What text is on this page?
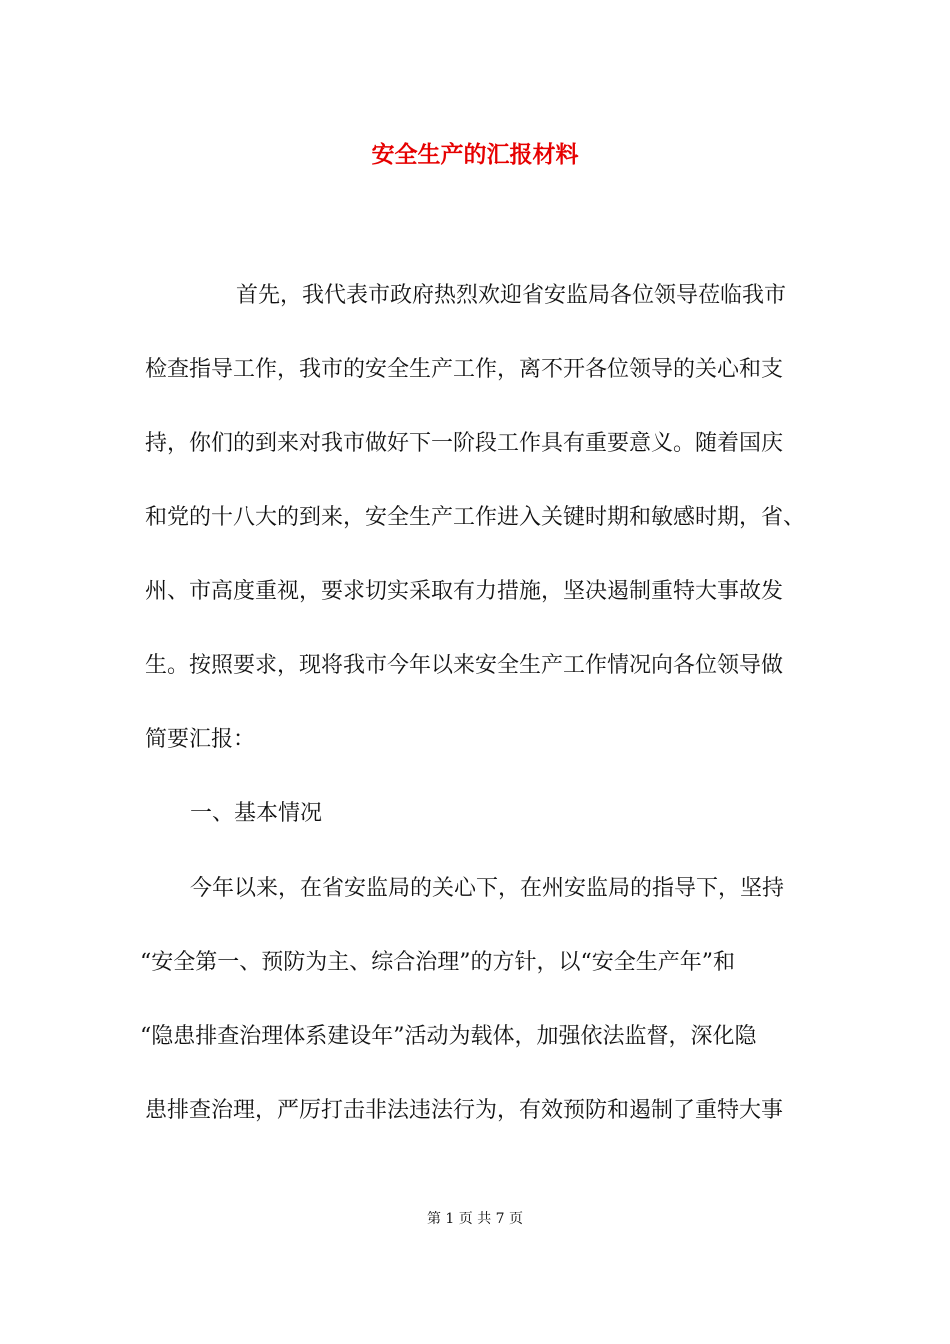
安全生产的汇报材料
首先，我代表市政府热烈欢迎省安监局各位领导莅临我市
检查指导工作，我市的安全生产工作，离不开各位领导的关心和支
持，你们的到来对我市做好下一阶段工作具有重要意义。随着国庆
和党的十八大的到来，安全生产工作进入关键时期和敏感时期，省、
州、市高度重视，要求切实采取有力措施，坚决遏制重特大事故发
生。按照要求，现将我市今年以来安全生产工作情况向各位领导做
简要汇报：
一、基本情况
今年以来，在省安监局的关心下，在州安监局的指导下，坚持
“安全第一、预防为主、综合治理”的方针，以“安全生产年”和
“隐患排查治理体系建设年”活动为载体，加强依法监督，深化隐
患排查治理，严厉打击非法违法行为，有效预防和遏制了重特大事
第 1 页 共 7 页
